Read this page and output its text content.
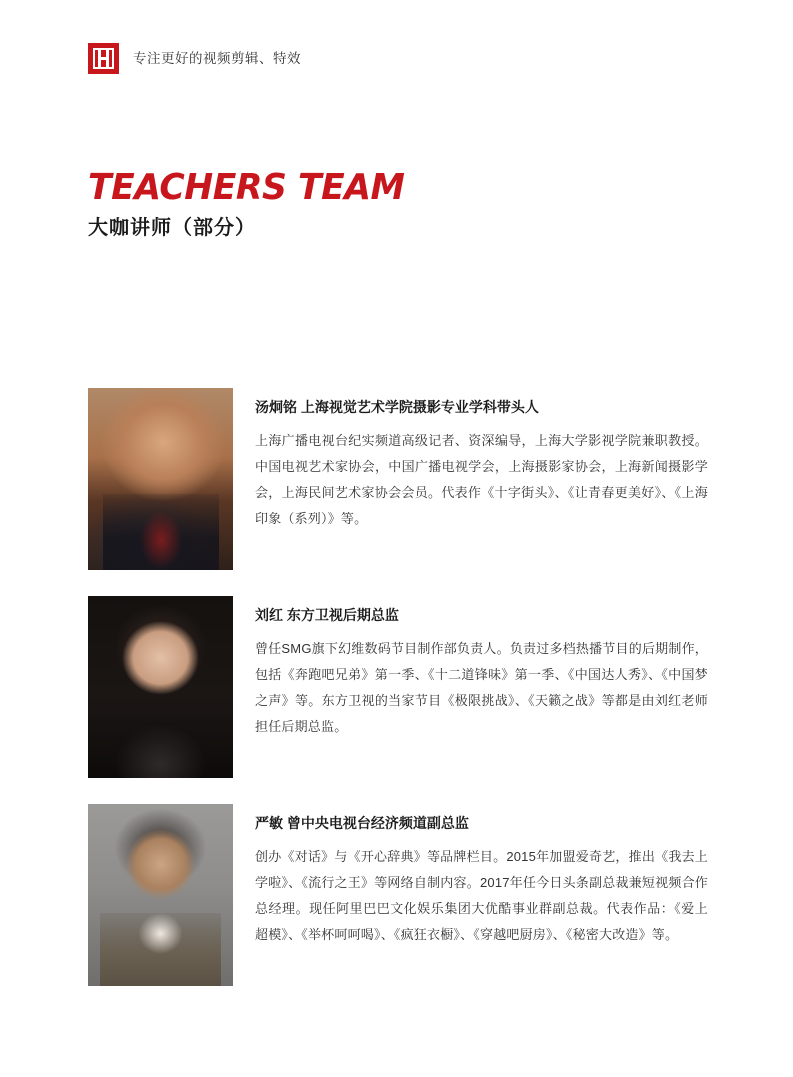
专注更好的视频剪辑、特效
TEACHERS TEAM
大咖讲师（部分）

汤炯铭 上海视觉艺术学院摄影专业学科带头人

上海广播电视台纪实频道高级记者、资深编导，上海大学影视学院兼职教授。中国电视艺术家协会，中国广播电视学会，上海摄影家协会，上海新闻摄影学会，上海民间艺术家协会会员。代表作《十字街头》、《让青春更美好》、《上海印象（系列）》等。

刘红 东方卫视后期总监

曾任SMG旗下幻维数码节目制作部负责人。负责过多档热播节目的后期制作，包括《奔跑吧兄弟》第一季、《十二道锋味》第一季、《中国达人秀》、《中国梦之声》等。东方卫视的当家节目《极限挑战》、《天籁之战》等都是由刘红老师担任后期总监。

严敏 曾中央电视台经济频道副总监

创办《对话》与《开心辞典》等品牌栏目。2015年加盟爱奇艺，推出《我去上学啦》、《流行之王》等网络自制内容。2017年任今日头条副总裁兼短视频合作总经理。现任阿里巴巴文化娱乐集团大优酷事业群副总裁。代表作品：《爱上超模》、《举杯呵呵喝》、《疯狂衣橱》、《穿越吧厨房》、《秘密大改造》等。
